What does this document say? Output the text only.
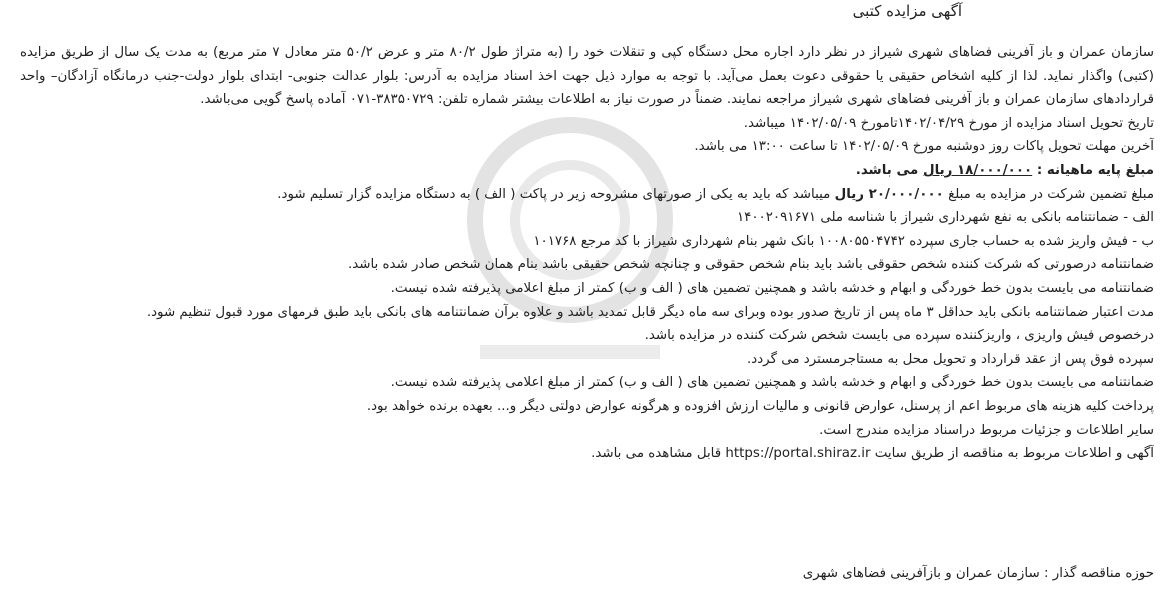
آگهی مزایده کتبی
سازمان عمران و باز آفرینی فضاهای شهری شیراز در نظر دارد اجاره محل دستگاه کپی و تنقلات خود را (به متراژ طول ۸۰/۲ متر و عرض ۵۰/۲ متر معادل ۷ متر مربع) به مدت یک سال از طریق مزایده (کتبی) واگذار نماید. لذا از کلیه اشخاص حقیقی یا حقوقی دعوت بعمل می‌آید. با توجه به موارد ذیل جهت اخذ اسناد مزایده به آدرس: بلوار عدالت جنوبی- ابتدای بلوار دولت-جنب درمانگاه آزادگان– واحد قراردادهای سازمان عمران و باز آفرینی فضاهای شهری شیراز مراجعه نمایند. ضمناً در صورت نیاز به اطلاعات بیشتر شماره تلفن: ۳۸۳۵۰۷۲۹-۰۷۱ آماده پاسخ گویی می‌باشد.
تاریخ تحویل اسناد مزایده از مورخ ۱۴۰۲/۰۴/۲۹تامورخ ۱۴۰۲/۰۵/۰۹ میباشد.
آخرین مهلت تحویل پاکات روز دوشنبه مورخ ۱۴۰۲/۰۵/۰۹ تا ساعت ۱۳:۰۰ می باشد.
مبلغ پایه ماهیانه : ۱۸/۰۰۰/۰۰۰ ریال می باشد.
مبلغ تضمین شرکت در مزایده به مبلغ ۲۰/۰۰۰/۰۰۰ ریال میباشد که باید به یکی از صورتهای مشروحه زیر در پاکت ( الف ) به دستگاه مزایده گزار تسلیم شود.
الف - ضمانتنامه بانکی به نفع شهرداری شیراز با شناسه ملی ۱۴۰۰۲۰۹۱۶۷۱
ب - فیش واریز شده به حساب جاری سپرده ۱۰۰۸۰۵۵۰۴۷۴۲ بانک شهر بنام شهرداری شیراز با کد مرجع ۱۰۱۷۶۸
ضمانتنامه درصورتی که شرکت کننده شخص حقوقی باشد باید بنام شخص حقوقی و چنانچه شخص حقیقی باشد بنام همان شخص صادر شده باشد.
ضمانتنامه می بایست بدون خط خوردگی و ابهام و خدشه باشد و همچنین تضمین های ( الف و ب) کمتر از مبلغ اعلامی پذیرفته شده نیست.
مدت اعتبار ضمانتنامه بانکی باید حداقل ۳ ماه پس از تاریخ صدور بوده وبرای سه ماه دیگر قابل تمدید باشد و علاوه برآن ضمانتنامه های بانکی باید طبق فرمهای مورد قبول تنظیم شود.
درخصوص فیش واریزی ، واریزکننده سپرده می بایست شخص شرکت کننده در مزایده باشد.
سپرده فوق پس از عقد قرارداد و تحویل محل به مستاجرمسترد می گردد.
ضمانتنامه می بایست بدون خط خوردگی و ابهام و خدشه باشد و همچنین تضمین های ( الف و ب) کمتر از مبلغ اعلامی پذیرفته شده نیست.
پرداخت کلیه هزینه های مربوط اعم از پرسنل، عوارض قانونی و مالیات ارزش افزوده و هرگونه عوارض دولتی دیگر و... بعهده برنده خواهد بود.
سایر اطلاعات و جزئیات مربوط دراسناد مزایده مندرج است.
آگهی و اطلاعات مربوط به مناقصه از طریق سایت https://portal.shiraz.ir قابل مشاهده می باشد.
حوزه مناقصه گذار : سازمان عمران و بازآفرینی فضاهای شهری
